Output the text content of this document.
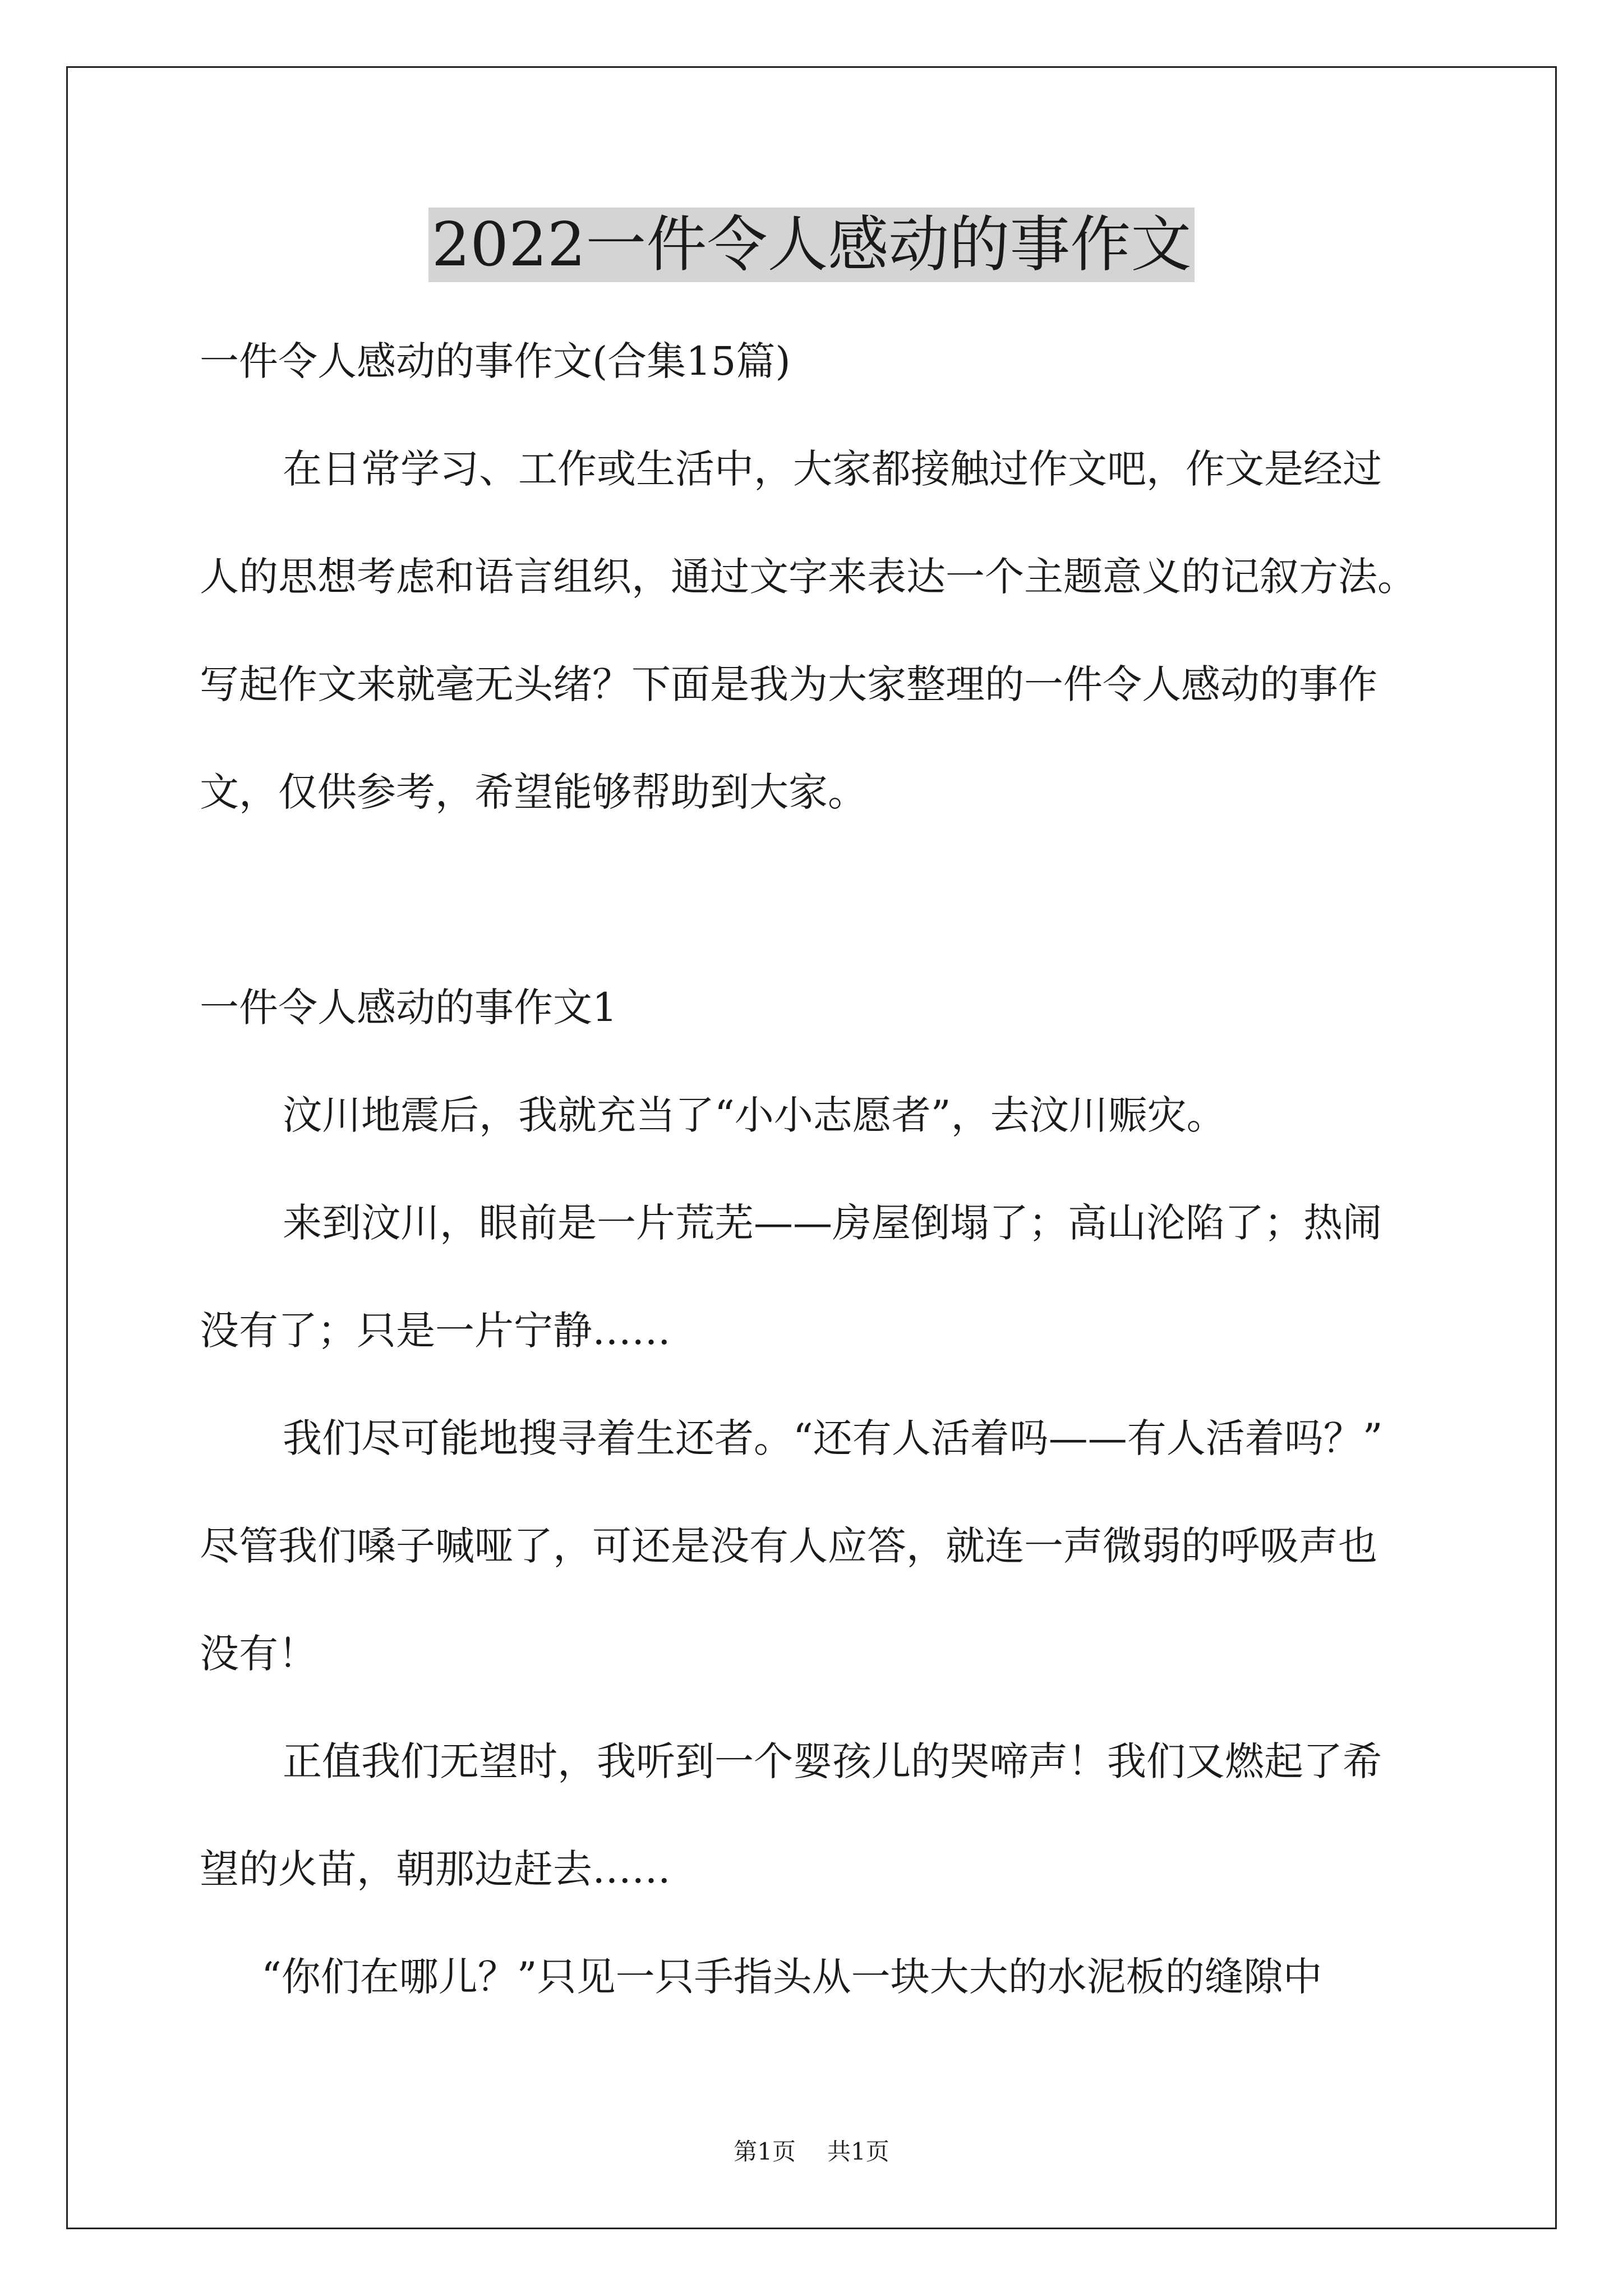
2022一件令人感动的事作文
一件令人感动的事作文(合集15篇)
在日常学习、工作或生活中，大家都接触过作文吧，作文是经过
人的思想考虑和语言组织，通过文字来表达一个主题意义的记叙方法。
写起作文来就毫无头绪？下面是我为大家整理的一件令人感动的事作
文，仅供参考，希望能够帮助到大家。
一件令人感动的事作文1
汶川地震后，我就充当了“小小志愿者”，去汶川赈灾。
来到汶川，眼前是一片荒芜——房屋倒塌了；高山沦陷了；热闹
没有了；只是一片宁静……
我们尽可能地搜寻着生还者。“还有人活着吗——有人活着吗？”
尽管我们嗓子喊哑了，可还是没有人应答，就连一声微弱的呼吸声也
没有！
正值我们无望时，我听到一个婴孩儿的哭啼声！我们又燃起了希
望的火苗，朝那边赶去……
“你们在哪儿？”只见一只手指头从一块大大的水泥板的缝隙中
第1页 共1页
